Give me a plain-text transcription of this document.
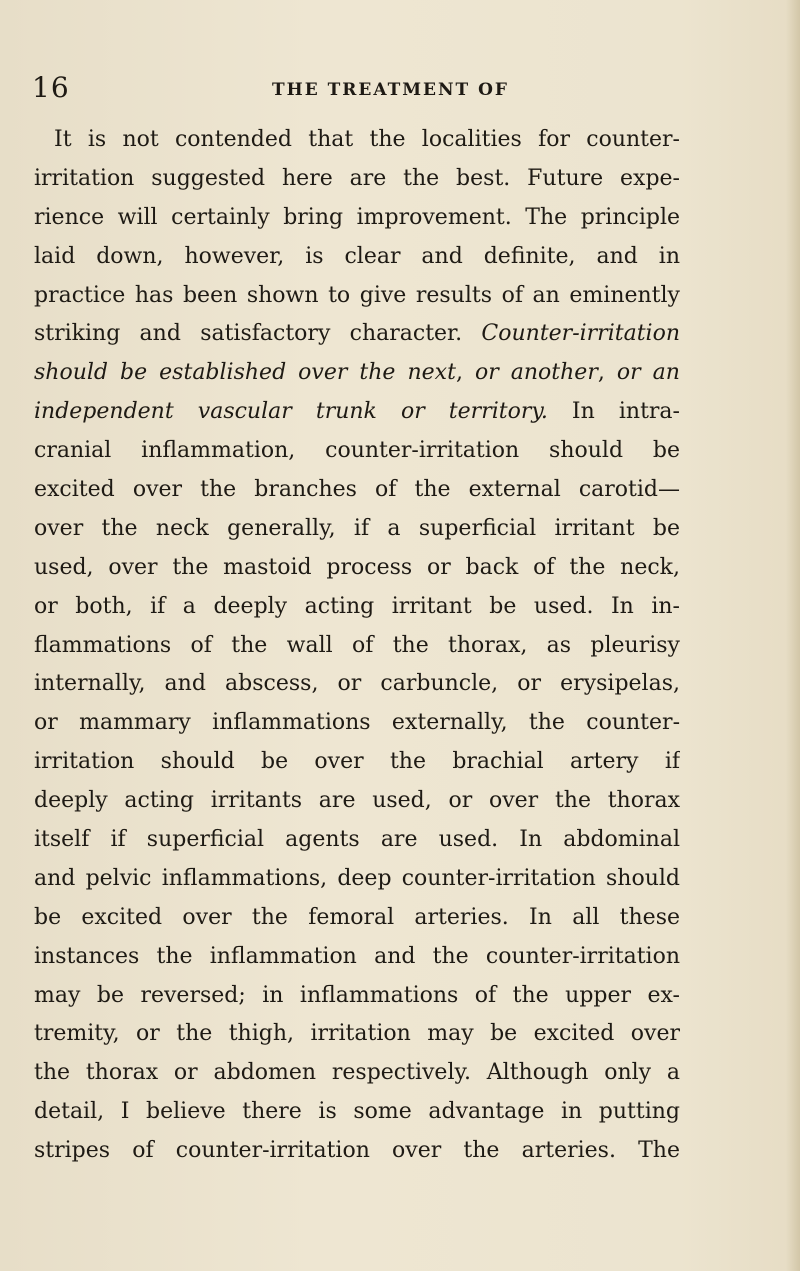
16	THE TREATMENT OF
It is not contended that the localities for counter-
irritation suggested here are the best. Future expe-
rience will certainly bring improvement. The principle
laid down, however, is clear and definite, and in
practice has been shown to give results of an eminently
striking and satisfactory character. Counter-irritation
should be established over the next, or another, or an
independent vascular trunk or territory. In intra-
cranial inflammation, counter-irritation should be
excited over the branches of the external carotid—
over the neck generally, if a superficial irritant be
used, over the mastoid process or back of the neck,
or both, if a deeply acting irritant be used. In in-
flammations of the wall of the thorax, as pleurisy
internally, and abscess, or carbuncle, or erysipelas,
or mammary inflammations externally, the counter-
irritation should be over the brachial artery if
deeply acting irritants are used, or over the thorax
itself if superficial agents are used. In abdominal
and pelvic inflammations, deep counter-irritation should
be excited over the femoral arteries. In all these
instances the inflammation and the counter-irritation
may be reversed; in inflammations of the upper ex-
tremity, or the thigh, irritation may be excited over
the thorax or abdomen respectively. Although only a
detail, I believe there is some advantage in putting
stripes of counter-irritation over the arteries. The
